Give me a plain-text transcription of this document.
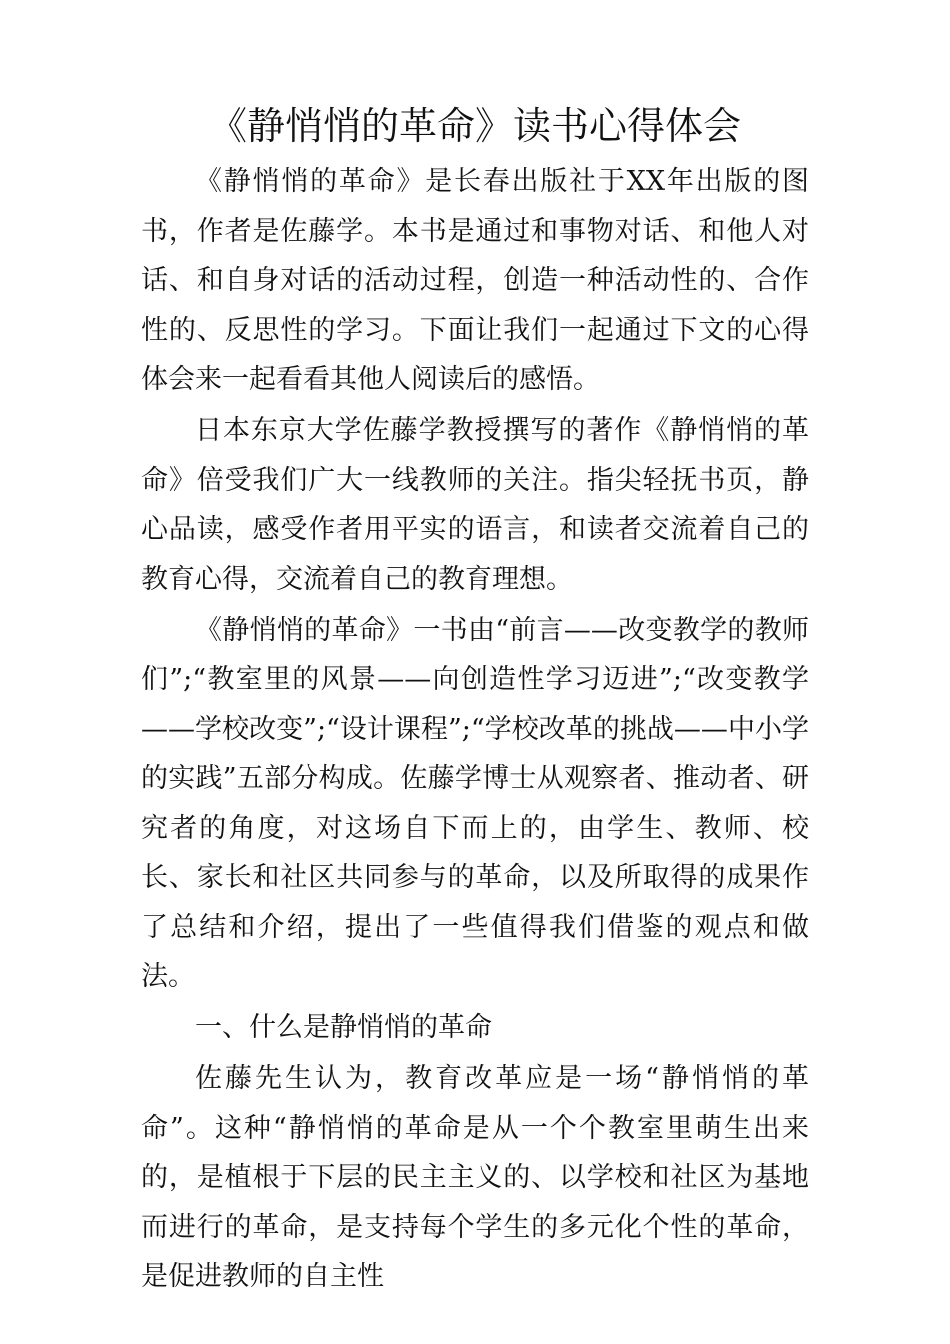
《静悄悄的革命》读书心得体会

《静悄悄的革命》是长春出版社于XX年出版的图书，作者是佐藤学。本书是通过和事物对话、和他人对话、和自身对话的活动过程，创造一种活动性的、合作性的、反思性的学习。下面让我们一起通过下文的心得体会来一起看看其他人阅读后的感悟。

日本东京大学佐藤学教授撰写的著作《静悄悄的革命》倍受我们广大一线教师的关注。指尖轻抚书页，静心品读，感受作者用平实的语言，和读者交流着自己的教育心得，交流着自己的教育理想。

《静悄悄的革命》一书由“前言——改变教学的教师们”;“教室里的风景——向创造性学习迈进”;“改变教学——学校改变”;“设计课程”;“学校改革的挑战——中小学的实践”五部分构成。佐藤学博士从观察者、推动者、研究者的角度，对这场自下而上的，由学生、教师、校长、家长和社区共同参与的革命，以及所取得的成果作了总结和介绍，提出了一些值得我们借鉴的观点和做法。

一、什么是静悄悄的革命

佐藤先生认为，教育改革应是一场“静悄悄的革命”。这种“静悄悄的革命是从一个个教室里萌生出来的，是植根于下层的民主主义的、以学校和社区为基地而进行的革命，是支持每个学生的多元化个性的革命，是促进教师的自主性
